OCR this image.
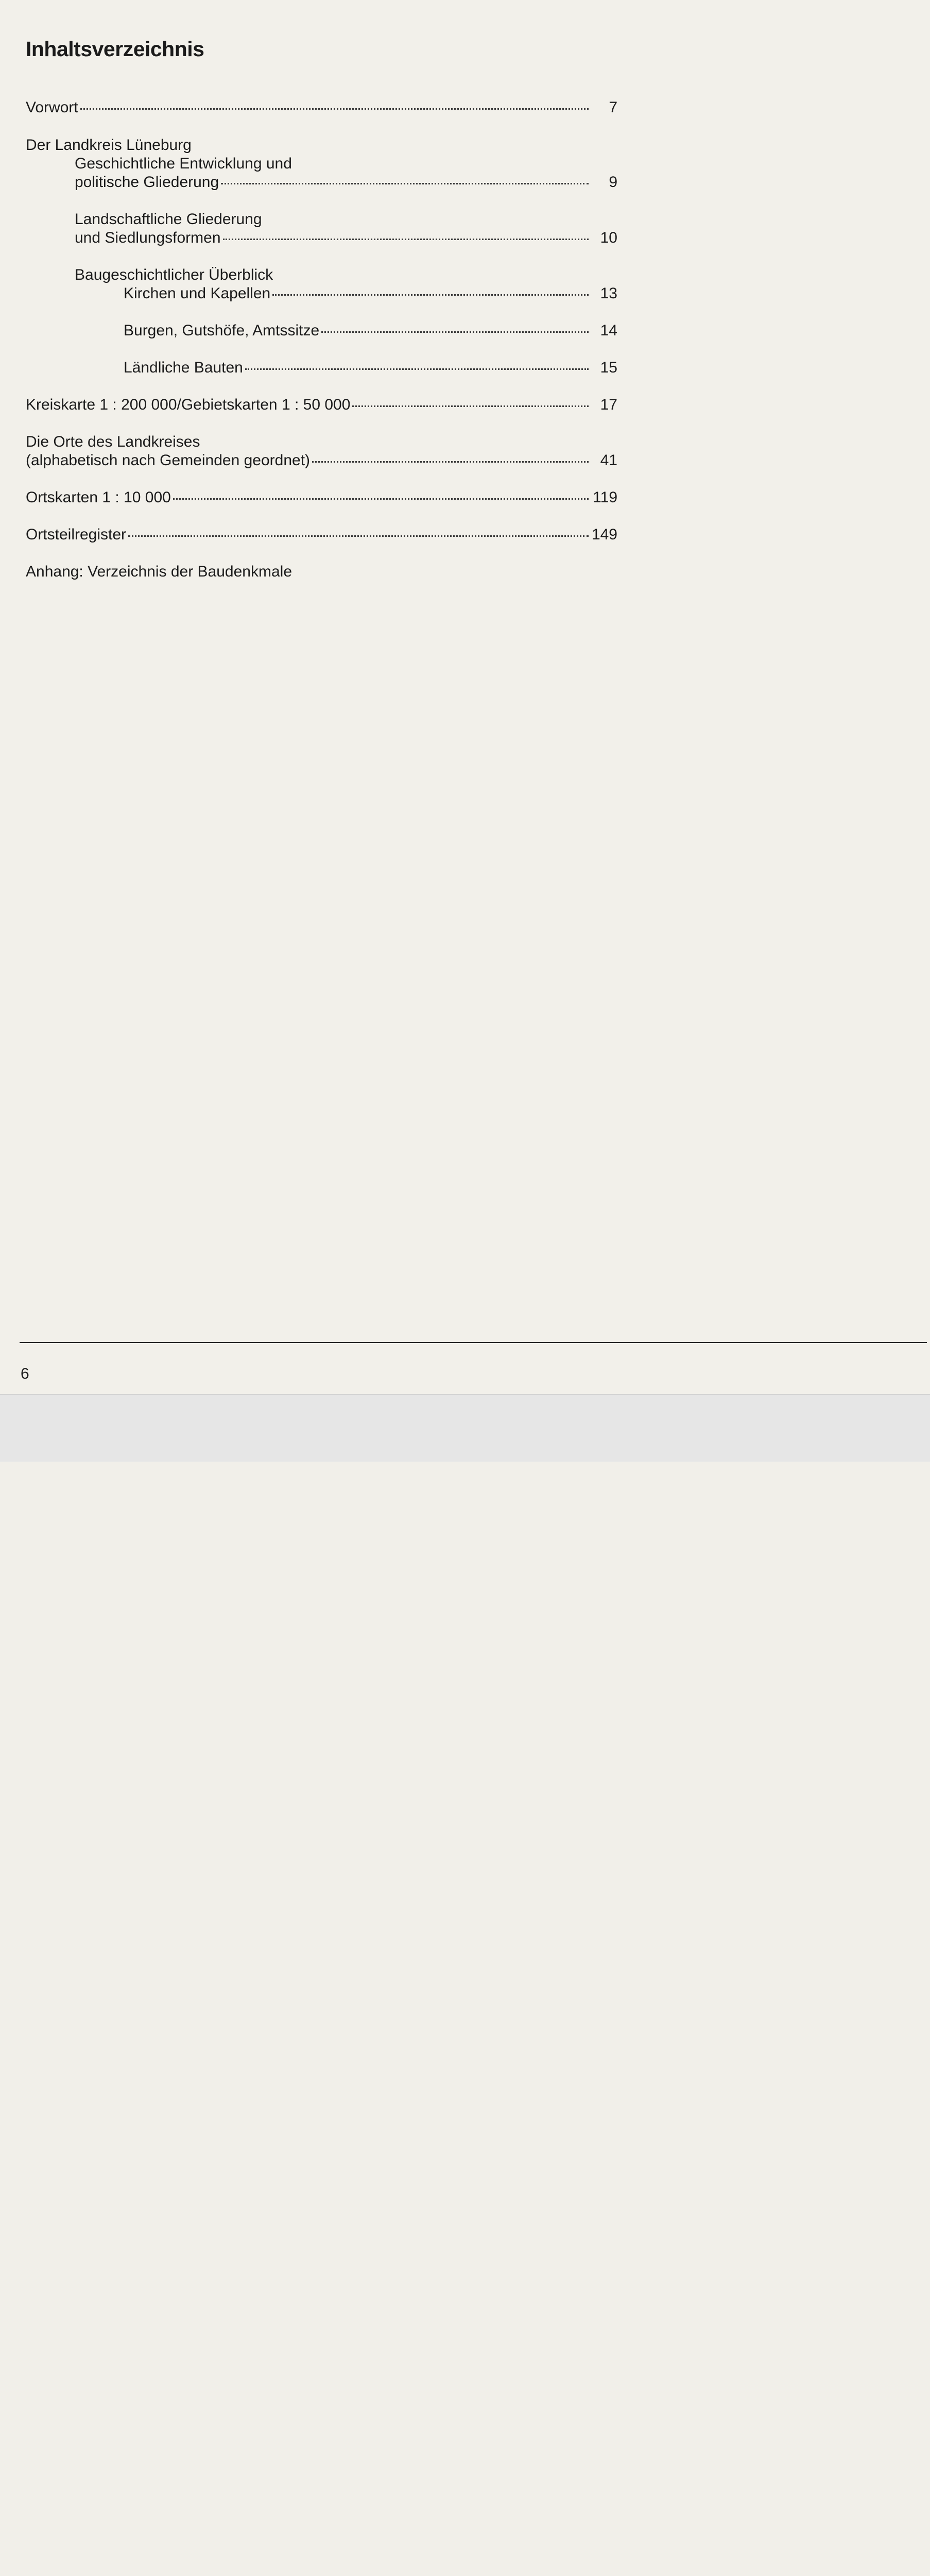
Inhaltsverzeichnis
Vorwort	7
Der Landkreis Lüneburg
Geschichtliche Entwicklung und
politische Gliederung	9
Landschaftliche Gliederung
und Siedlungsformen	10
Baugeschichtlicher Überblick
Kirchen und Kapellen	13
Burgen, Gutshöfe, Amtssitze	14
Ländliche Bauten	15
Kreiskarte 1 : 200 000/Gebietskarten 1 : 50 000	17
Die Orte des Landkreises
(alphabetisch nach Gemeinden geordnet)	41
Ortskarten 1 : 10 000	119
Ortsteilregister	149
Anhang: Verzeichnis der Baudenkmale
6
